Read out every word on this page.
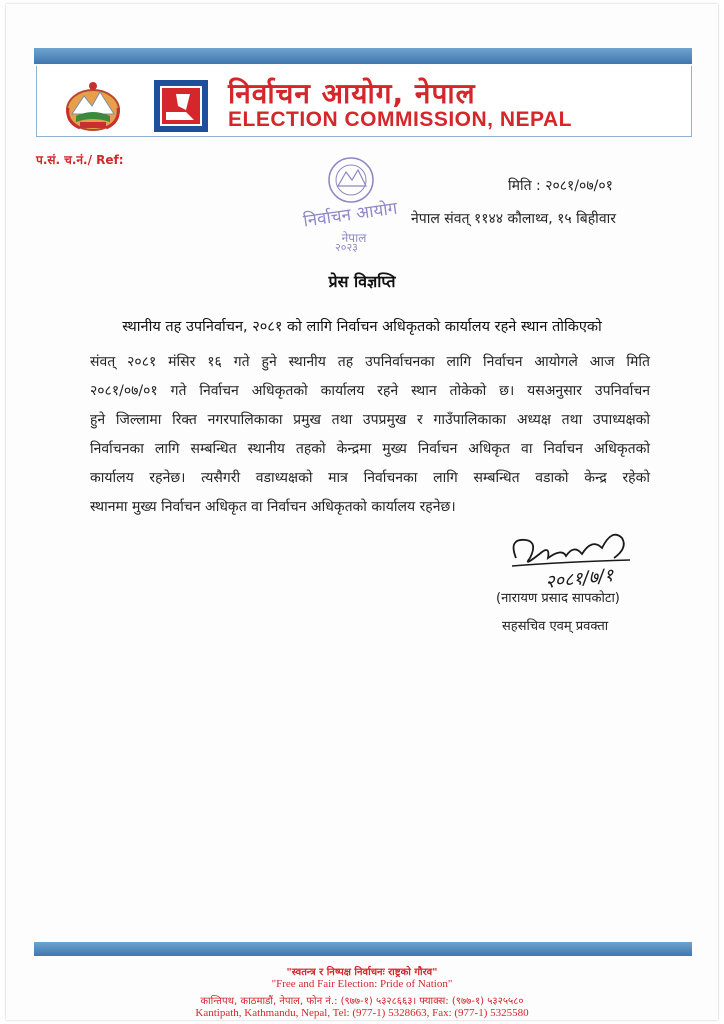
निर्वाचन आयोग, नेपाल
ELECTION COMMISSION, NEPAL
प.सं. च.नं./ Ref:
निर्वाचन आयोग
नेपाल
२०२३
मिति : २०८१/०७/०१
नेपाल संवत् ११४४ कौलाथ्व, १५ बिहीवार
प्रेस विज्ञप्ति
स्थानीय तह उपनिर्वाचन, २०८१ को लागि निर्वाचन अधिकृतको कार्यालय रहने स्थान तोकिएको
संवत् २०८१ मंसिर १६ गते हुने स्थानीय तह उपनिर्वाचनका लागि निर्वाचन आयोगले आज मिति
२०८१/०७/०१ गते निर्वाचन अधिकृतको कार्यालय रहने स्थान तोकेको छ। यसअनुसार उपनिर्वाचन
हुने जिल्लामा रिक्त नगरपालिकाका प्रमुख तथा उपप्रमुख र गाउँपालिकाका अध्यक्ष तथा उपाध्यक्षको
निर्वाचनका लागि सम्बन्धित स्थानीय तहको केन्द्रमा मुख्य निर्वाचन अधिकृत वा निर्वाचन अधिकृतको
कार्यालय रहनेछ। त्यसैगरी वडाध्यक्षको मात्र निर्वाचनका लागि सम्बन्धित वडाको केन्द्र रहेको
स्थानमा मुख्य निर्वाचन अधिकृत वा निर्वाचन अधिकृतको कार्यालय रहनेछ।
२०८१/७/१
(नारायण प्रसाद सापकोटा)
सहसचिव एवम् प्रवक्ता
"स्वतन्त्र र निष्पक्ष निर्वाचनः राष्ट्रको गौरव"
"Free and Fair Election: Pride of Nation"
कान्तिपथ, काठमाडौं, नेपाल, फोन नं.: (९७७-१) ५३२८६६३। फ्याक्स: (९७७-१) ५३२५५८०
Kantipath, Kathmandu, Nepal, Tel: (977-1) 5328663, Fax: (977-1) 5325580
